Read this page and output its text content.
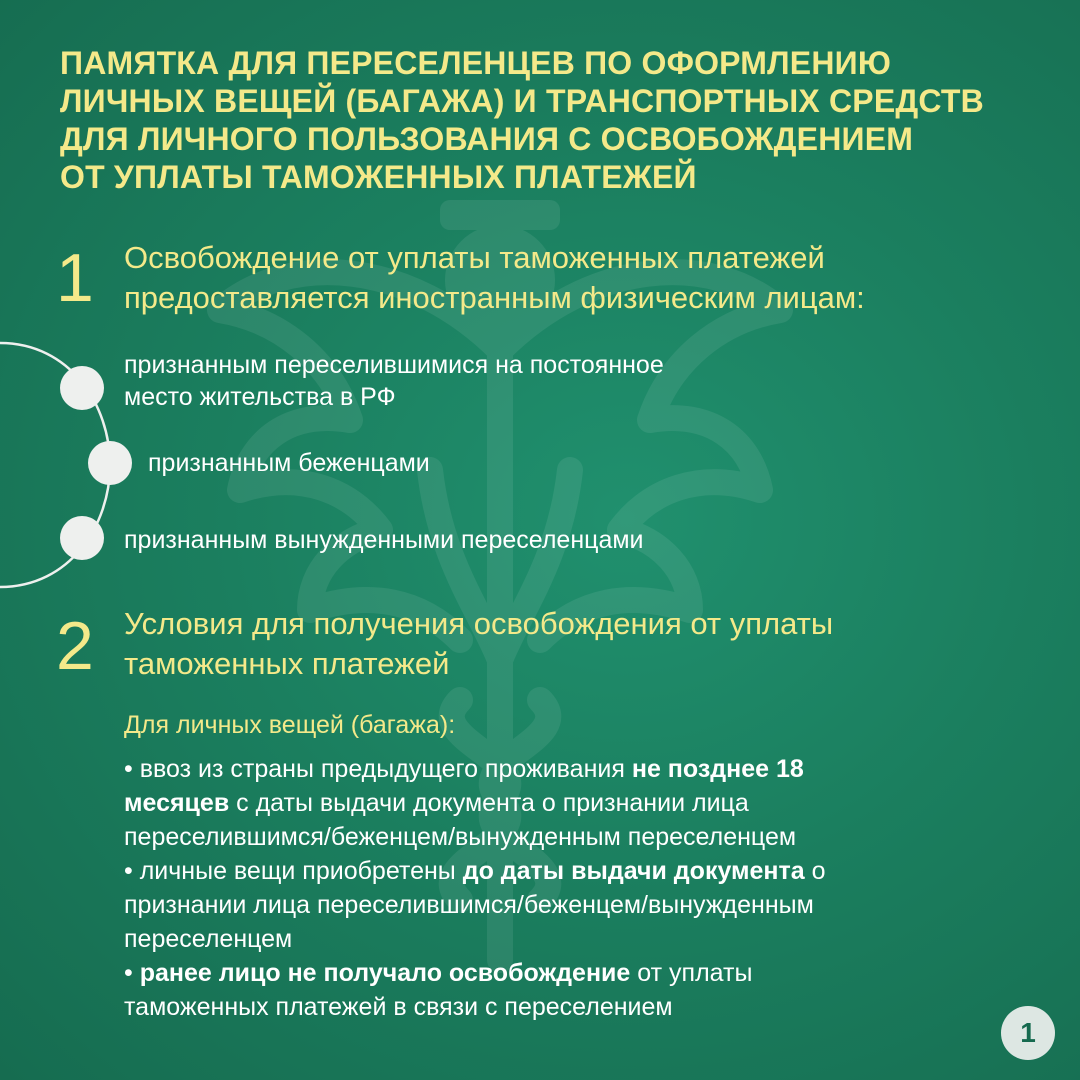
ПАМЯТКА ДЛЯ ПЕРЕСЕЛЕНЦЕВ ПО ОФОРМЛЕНИЮ
ЛИЧНЫХ ВЕЩЕЙ (БАГАЖА) И ТРАНСПОРТНЫХ СРЕДСТВ
ДЛЯ ЛИЧНОГО ПОЛЬЗОВАНИЯ С ОСВОБОЖДЕНИЕМ
ОТ УПЛАТЫ ТАМОЖЕННЫХ ПЛАТЕЖЕЙ
1 Освобождение от уплаты таможенных платежей
предоставляется иностранным физическим лицам:
признанным переселившимися на постоянное
место жительства в РФ
признанным беженцами
признанным вынужденными переселенцами
2 Условия для получения освобождения от уплаты
таможенных платежей
Для личных вещей (багажа):
• ввоз из страны предыдущего проживания не позднее 18
месяцев с даты выдачи документа о признании лица
переселившимся/беженцем/вынужденным переселенцем
• личные вещи приобретены до даты выдачи документа о
признании лица переселившимся/беженцем/вынужденным
переселенцем
• ранее лицо не получало освобождение от уплаты
таможенных платежей в связи с переселением
1
